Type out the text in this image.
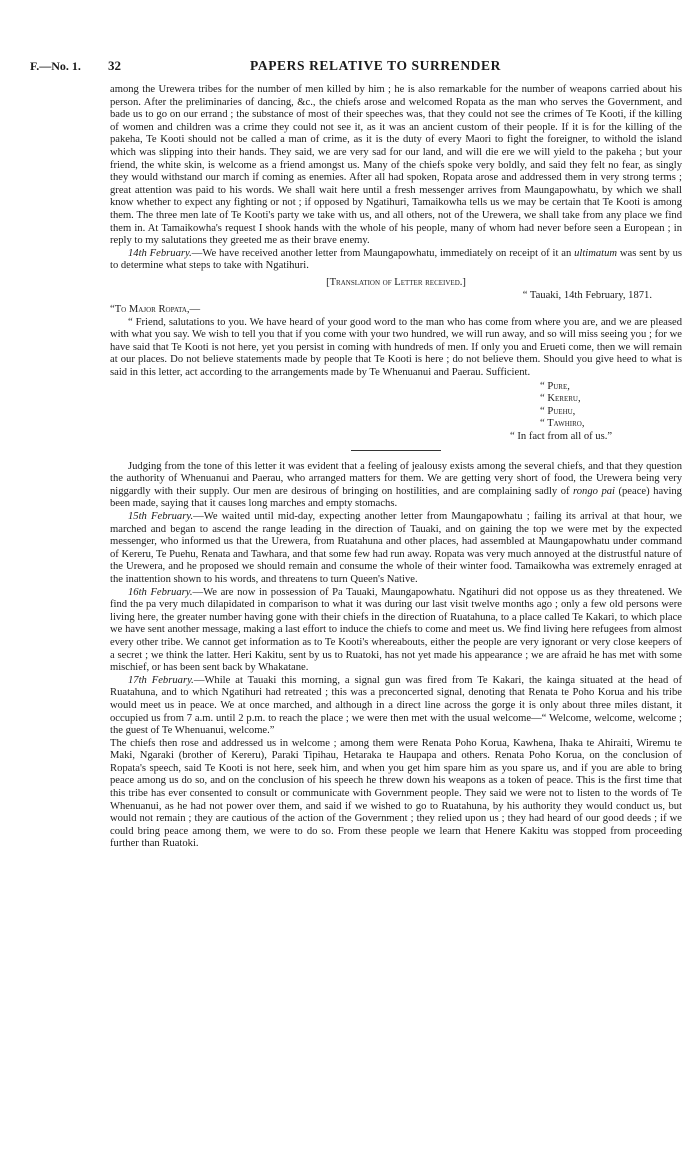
F.—No. 1. 32	PAPERS RELATIVE TO SURRENDER

among the Urewera tribes for the number of men killed by him ; he is also remarkable for the number of weapons carried about his person. After the preliminaries of dancing, &c., the chiefs arose and welcomed Ropata as the man who serves the Government, and bade us to go on our errand ; the substance of most of their speeches was, that they could not see the crimes of Te Kooti, if the killing of women and children was a crime they could not see it, as it was an ancient custom of their people. If it is for the killing of the pakeha, Te Kooti should not be called a man of crime, as it is the duty of every Maori to fight the foreigner, to withold the island which was slipping into their hands. They said, we are very sad for our land, and will die ere we will yield to the pakeha ; but your friend, the white skin, is welcome as a friend amongst us. Many of the chiefs spoke very boldly, and said they felt no fear, as singly they would withstand our march if coming as enemies. After all had spoken, Ropata arose and addressed them in very strong terms ; great attention was paid to his words. We shall wait here until a fresh messenger arrives from Maungapowhatu, by which we shall know whether to expect any fighting or not ; if opposed by Ngatihuri, Tamaikowha tells us we may be certain that Te Kooti is among them. The three men late of Te Kooti's party we take with us, and all others, not of the Urewera, we shall take from any place we find them in. At Tamaikowha's request I shook hands with the whole of his people, many of whom had never before seen a European ; in reply to my salutations they greeted me as their brave enemy.

14th February.—We have received another letter from Maungapowhatu, immediately on receipt of it an ultimatum was sent by us to determine what steps to take with Ngatihuri.

[Translation of Letter received.]

“ Tauaki, 14th February, 1871.

“To Major Ropata,—

“ Friend, salutations to you. We have heard of your good word to the man who has come from where you are, and we are pleased with what you say. We wish to tell you that if you come with your two hundred, we will run away, and so will miss seeing you ; for we have said that Te Kooti is not here, yet you persist in coming with hundreds of men. If only you and Erueti come, then we will remain at our places. Do not believe statements made by people that Te Kooti is here ; do not believe them. Should you give heed to what is said in this letter, act according to the arrangements made by Te Whenuanui and Paerau. Sufficient.

“ Pure,
“ Kereru,
“ Puehu,
“ Tawhiro,
“ In fact from all of us.”

Judging from the tone of this letter it was evident that a feeling of jealousy exists among the several chiefs, and that they question the authority of Whenuanui and Paerau, who arranged matters for them. We are getting very short of food, the Urewera being very niggardly with their supply. Our men are desirous of bringing on hostilities, and are complaining sadly of rongo pai (peace) having been made, saying that it causes long marches and empty stomachs.

15th February.—We waited until mid-day, expecting another letter from Maungapowhatu ; failing its arrival at that hour, we marched and began to ascend the range leading in the direction of Tauaki, and on gaining the top we were met by the expected messenger, who informed us that the Urewera, from Ruatahuna and other places, had assembled at Maungapowhatu under command of Kereru, Te Puehu, Renata and Tawhara, and that some few had run away. Ropata was very much annoyed at the distrustful nature of the Urewera, and he proposed we should remain and consume the whole of their winter food. Tamaikowha was extremely enraged at the inattention shown to his words, and threatens to turn Queen's Native.

16th February.—We are now in possession of Pa Tauaki, Maungapowhatu. Ngatihuri did not oppose us as they threatened. We find the pa very much dilapidated in comparison to what it was during our last visit twelve months ago ; only a few old persons were living here, the greater number having gone with their chiefs in the direction of Ruatahuna, to a place called Te Kakari, to which place we have sent another message, making a last effort to induce the chiefs to come and meet us. We find living here refugees from almost every other tribe. We cannot get information as to Te Kooti's whereabouts, either the people are very ignorant or very close keepers of a secret ; we think the latter. Heri Kakitu, sent by us to Ruatoki, has not yet made his appearance ; we are afraid he has met with some mischief, or has been sent back by Whakatane.

17th February.—While at Tauaki this morning, a signal gun was fired from Te Kakari, the kainga situated at the head of Ruatahuna, and to which Ngatihuri had retreated ; this was a preconcerted signal, denoting that Renata te Poho Korua and his tribe would meet us in peace. We at once marched, and although in a direct line across the gorge it is only about three miles distant, it occupied us from 7 a.m. until 2 p.m. to reach the place ; we were then met with the usual welcome—“ Welcome, welcome, welcome ; the guest of Te Whenuanui, welcome.”

The chiefs then rose and addressed us in welcome ; among them were Renata Poho Korua, Kawhena, Ihaka te Ahiraiti, Wiremu te Maki, Ngaraki (brother of Kereru), Paraki Tipihau, Hetaraka te Haupapa and others. Renata Poho Korua, on the conclusion of Ropata's speech, said Te Kooti is not here, seek him, and when you get him spare him as you spare us, and if you are able to bring peace among us do so, and on the conclusion of his speech he threw down his weapons as a token of peace. This is the first time that this tribe has ever consented to consult or communicate with Government people. They said we were not to listen to the words of Te Whenuanui, as he had not power over them, and said if we wished to go to Ruatahuna, by his authority they would conduct us, but would not remain ; they are cautious of the action of the Government ; they relied upon us ; they had heard of our good deeds ; if we could bring peace among them, we were to do so. From these people we learn that Henere Kakitu was stopped from proceeding further than Ruatoki.
